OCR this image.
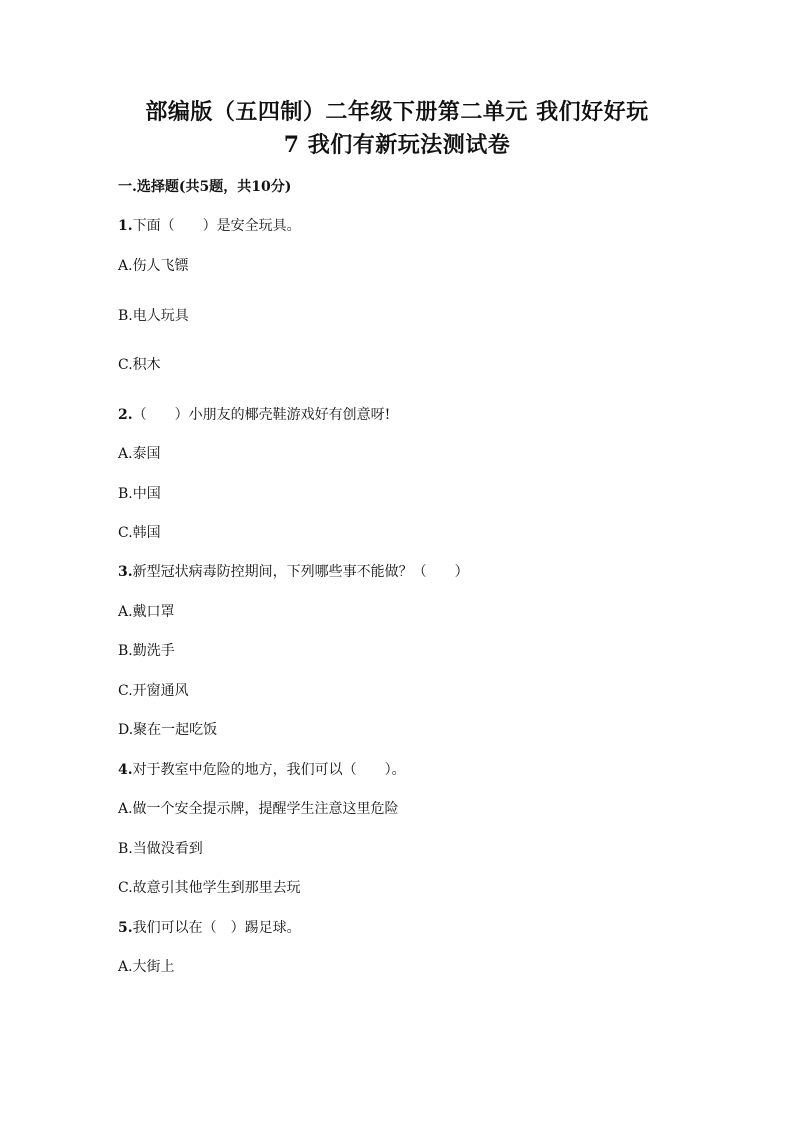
部编版（五四制）二年级下册第二单元 我们好好玩
7 我们有新玩法测试卷
一.选择题(共5题，共10分)
1.下面（　　）是安全玩具。
A.伤人飞镖
B.电人玩具
C.积木
2.（　　）小朋友的椰壳鞋游戏好有创意呀!
A.泰国
B.中国
C.韩国
3.新型冠状病毒防控期间，下列哪些事不能做？（　　）
A.戴口罩
B.勤洗手
C.开窗通风
D.聚在一起吃饭
4.对于教室中危险的地方，我们可以（　　）。
A.做一个安全提示牌，提醒学生注意这里危险
B.当做没看到
C.故意引其他学生到那里去玩
5.我们可以在（　）踢足球。
A.大街上
